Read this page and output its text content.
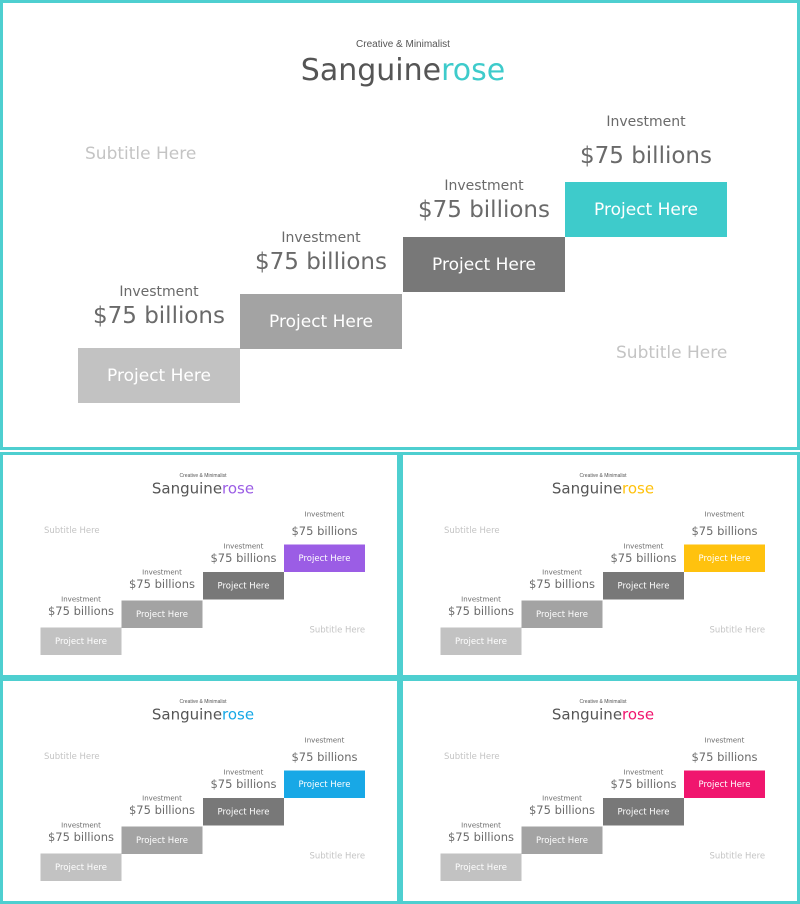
Creative & Minimalist
Sanguinerose
Subtitle Here
Subtitle Here
Investment
$75 billions
Project Here
Investment
$75 billions
Project Here
Investment
$75 billions
Project Here
Investment
$75 billions
Project Here
Creative & Minimalist
Sanguinerose
Subtitle Here
Subtitle Here
Investment
$75 billions
Project Here
Investment
$75 billions
Project Here
Investment
$75 billions
Project Here
Investment
$75 billions
Project Here
Creative & Minimalist
Sanguinerose
Subtitle Here
Subtitle Here
Investment
$75 billions
Project Here
Investment
$75 billions
Project Here
Investment
$75 billions
Project Here
Investment
$75 billions
Project Here
Creative & Minimalist
Sanguinerose
Subtitle Here
Subtitle Here
Investment
$75 billions
Project Here
Investment
$75 billions
Project Here
Investment
$75 billions
Project Here
Investment
$75 billions
Project Here
Creative & Minimalist
Sanguinerose
Subtitle Here
Subtitle Here
Investment
$75 billions
Project Here
Investment
$75 billions
Project Here
Investment
$75 billions
Project Here
Investment
$75 billions
Project Here
